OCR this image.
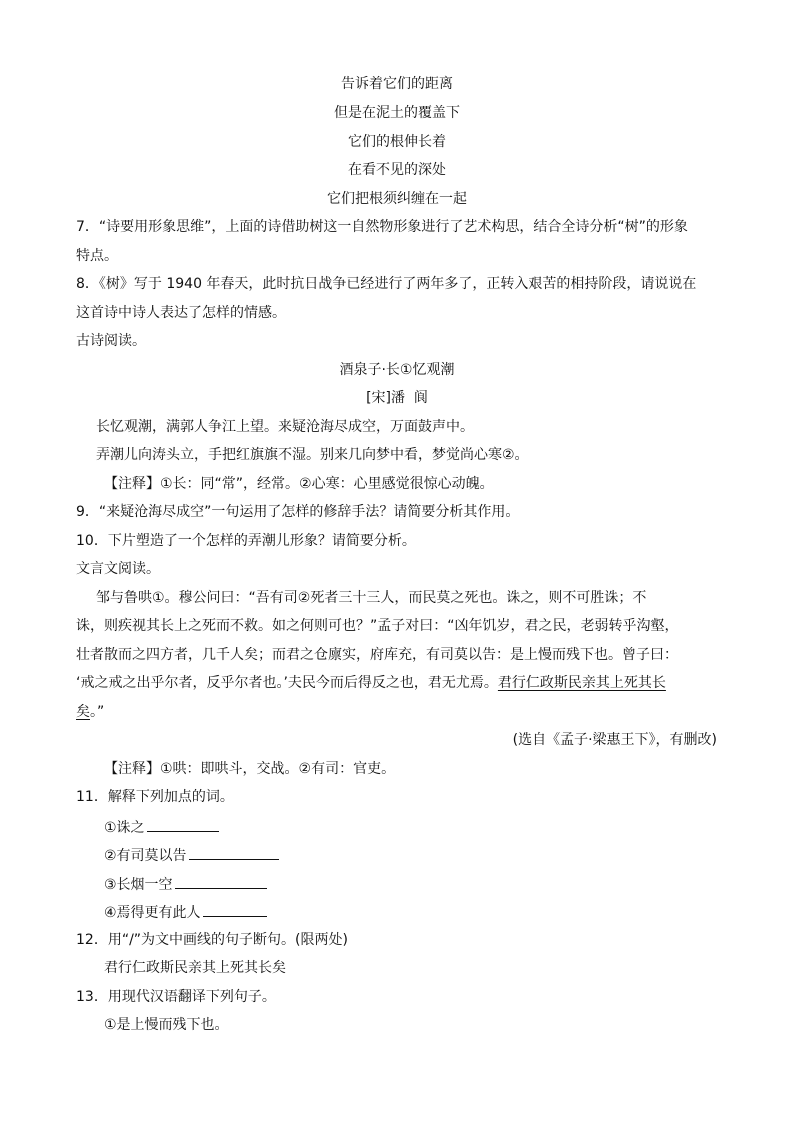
告诉着它们的距离
但是在泥土的覆盖下
它们的根伸长着
在看不见的深处
它们把根须纠缠在一起
7．“诗要用形象思维”，上面的诗借助树这一自然物形象进行了艺术构思，结合全诗分析“树”的形象
特点。
8．《树》写于 1940 年春天，此时抗日战争已经进行了两年多了，正转入艰苦的相持阶段，请说说在
这首诗中诗人表达了怎样的情感。
古诗阅读。
酒泉子·长①忆观潮
[宋]潘  阆
长忆观潮，满郭人争江上望。来疑沧海尽成空，万面鼓声中。
弄潮儿向涛头立，手把红旗旗不湿。别来几向梦中看，梦觉尚心寒②。
【注释】①长：同“常”，经常。②心寒：心里感觉很惊心动魄。
9．“来疑沧海尽成空”一句运用了怎样的修辞手法？请简要分析其作用。
10．下片塑造了一个怎样的弄潮儿形象？请简要分析。
文言文阅读。
邹与鲁哄①。穆公问曰：“吾有司②死者三十三人，而民莫之死也。诛之，则不可胜诛；不
诛，则疾视其长上之死而不救。如之何则可也？”孟子对曰：“凶年饥岁，君之民，老弱转乎沟壑，
壮者散而之四方者，几千人矣；而君之仓廪实，府库充，有司莫以告：是上慢而残下也。曾子曰：
‘戒之戒之出乎尔者，反乎尔者也。’夫民今而后得反之也，君无尤焉。君行仁政斯民亲其上死其长
矣。”
(选自《孟子·梁惠王下》，有删改)
【注释】①哄：即哄斗，交战。②有司：官吏。
11．解释下列加点的词。
①诛之
②有司莫以告
③长烟一空
④焉得更有此人
12．用“/”为文中画线的句子断句。(限两处)
君行仁政斯民亲其上死其长矣
13．用现代汉语翻译下列句子。
①是上慢而残下也。
